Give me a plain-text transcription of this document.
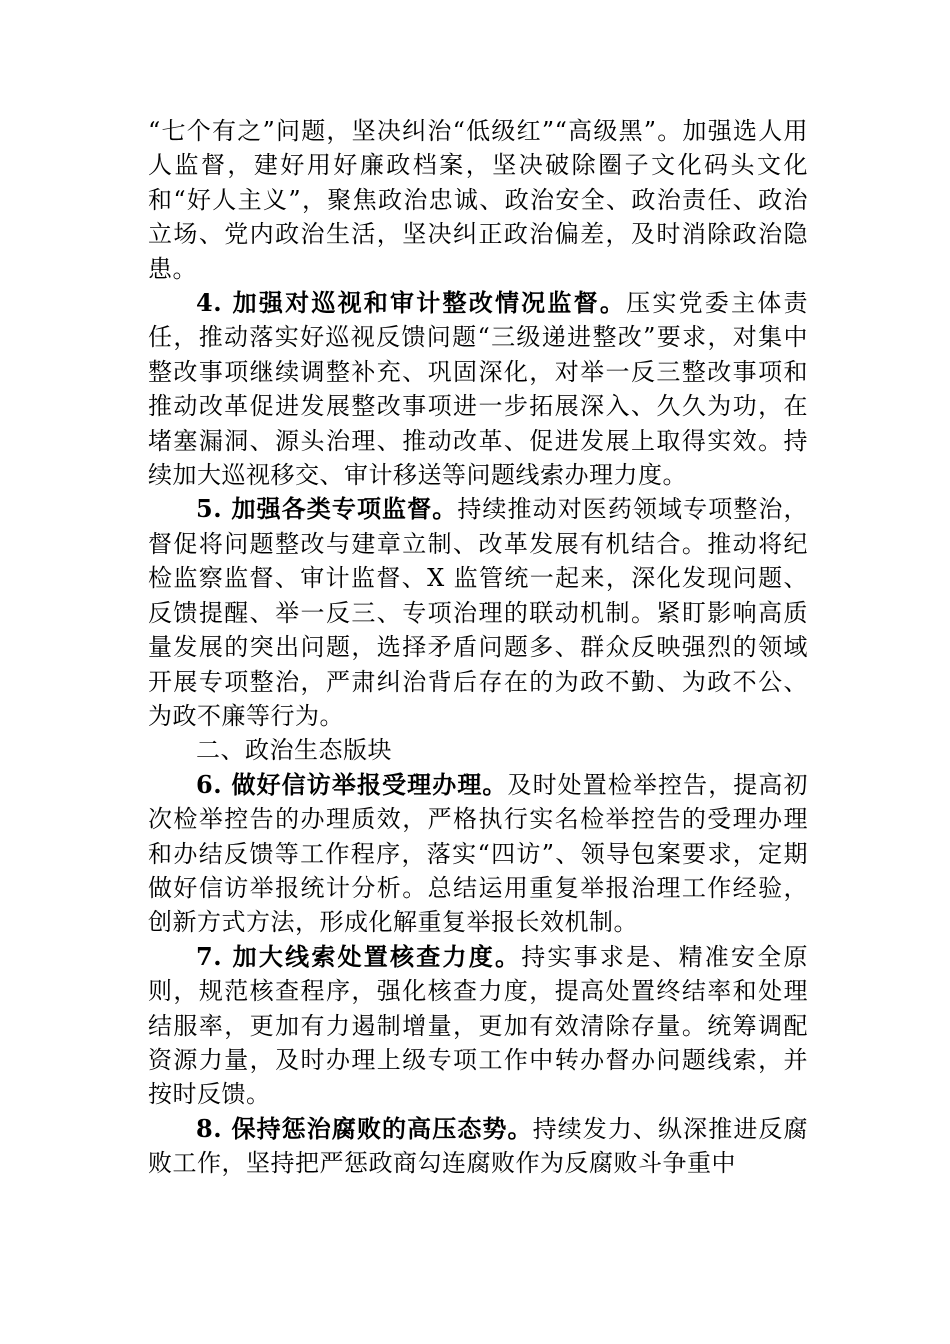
“七个有之”问题，坚决纠治“低级红”“高级黑”。加强选人用人监督，建好用好廉政档案，坚决破除圈子文化码头文化和“好人主义”，聚焦政治忠诚、政治安全、政治责任、政治立场、党内政治生活，坚决纠正政治偏差，及时消除政治隐患。

4. 加强对巡视和审计整改情况监督。压实党委主体责任，推动落实好巡视反馈问题“三级递进整改”要求，对集中整改事项继续调整补充、巩固深化，对举一反三整改事项和推动改革促进发展整改事项进一步拓展深入、久久为功，在堵塞漏洞、源头治理、推动改革、促进发展上取得实效。持续加大巡视移交、审计移送等问题线索办理力度。

5. 加强各类专项监督。持续推动对医药领域专项整治，督促将问题整改与建章立制、改革发展有机结合。推动将纪检监察监督、审计监督、X 监管统一起来，深化发现问题、反馈提醒、举一反三、专项治理的联动机制。紧盯影响高质量发展的突出问题，选择矛盾问题多、群众反映强烈的领域开展专项整治，严肃纠治背后存在的为政不勤、为政不公、为政不廉等行为。

二、政治生态版块

6. 做好信访举报受理办理。及时处置检举控告，提高初次检举控告的办理质效，严格执行实名检举控告的受理办理和办结反馈等工作程序，落实“四访”、领导包案要求，定期做好信访举报统计分析。总结运用重复举报治理工作经验，创新方式方法，形成化解重复举报长效机制。

7. 加大线索处置核查力度。持实事求是、精准安全原则，规范核查程序，强化核查力度，提高处置终结率和处理结服率，更加有力遏制增量，更加有效清除存量。统筹调配资源力量，及时办理上级专项工作中转办督办问题线索，并按时反馈。

8. 保持惩治腐败的高压态势。持续发力、纵深推进反腐败工作，坚持把严惩政商勾连腐败作为反腐败斗争重中
